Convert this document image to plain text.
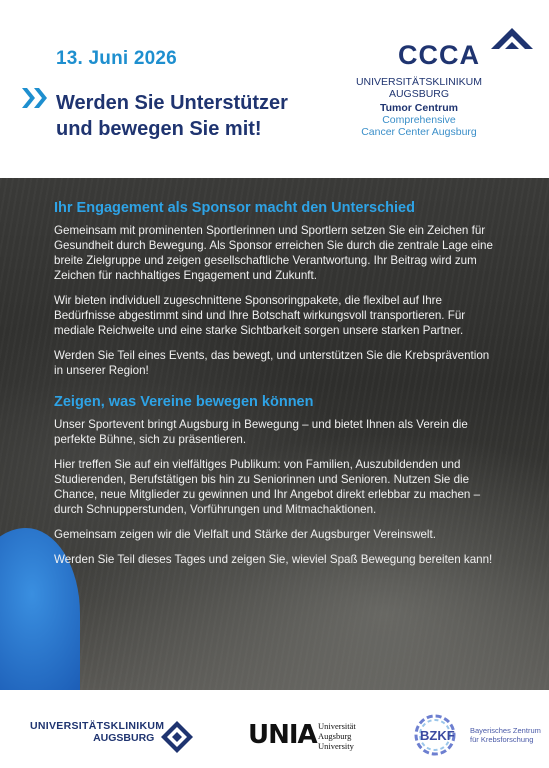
13. Juni 2026
Werden Sie Unterstützer
und bewegen Sie mit!
CCCA
UNIVERSITÄTSKLINIKUM
AUGSBURG
Tumor Centrum
Comprehensive
Cancer Center Augsburg
Ihr Engagement als Sponsor macht den Unterschied

Gemeinsam mit prominenten Sportlerinnen und Sportlern setzen Sie ein Zeichen für Gesundheit durch Bewegung. Als Sponsor erreichen Sie durch die zentrale Lage eine breite Zielgruppe und zeigen gesellschaftliche Verantwortung. Ihr Beitrag wird zum Zeichen für nachhaltiges Engagement und Zukunft.

Wir bieten individuell zugeschnittene Sponsoringpakete, die flexibel auf Ihre Bedürfnisse abgestimmt sind und Ihre Botschaft wirkungsvoll transportieren. Für mediale Reichweite und eine starke Sichtbarkeit sorgen unsere starken Partner.

Werden Sie Teil eines Events, das bewegt, und unterstützen Sie die Krebsprävention in unserer Region!

Zeigen, was Vereine bewegen können

Unser Sportevent bringt Augsburg in Bewegung – und bietet Ihnen als Verein die perfekte Bühne, sich zu präsentieren.

Hier treffen Sie auf ein vielfältiges Publikum: von Familien, Auszubildenden und Studierenden, Berufstätigen bis hin zu Seniorinnen und Senioren. Nutzen Sie die Chance, neue Mitglieder zu gewinnen und Ihr Angebot direkt erlebbar zu machen – durch Schnupperstunden, Vorführungen und Mitmachaktionen.

Gemeinsam zeigen wir die Vielfalt und Stärke der Augsburger Vereinswelt.

Werden Sie Teil dieses Tages und zeigen Sie, wieviel Spaß Bewegung bereiten kann!

UNIVERSITÄTSKLINIKUM
AUGSBURG	UNIA Universität
Augsburg
University
BZKF Bayerisches Zentrum
für Krebsforschung
